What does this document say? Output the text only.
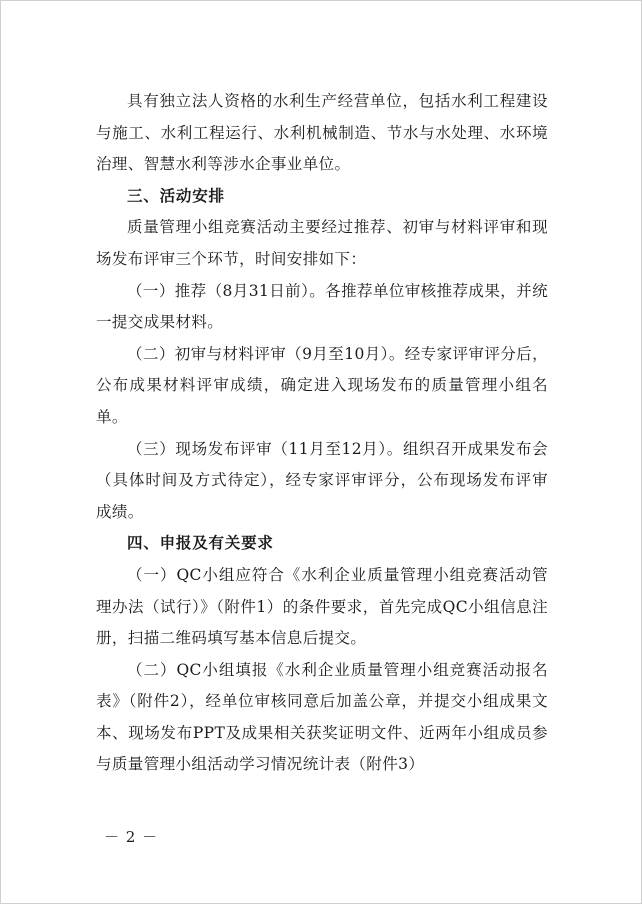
具有独立法人资格的水利生产经营单位，包括水利工程建设与施工、水利工程运行、水利机械制造、节水与水处理、水环境治理、智慧水利等涉水企事业单位。

三、活动安排

质量管理小组竞赛活动主要经过推荐、初审与材料评审和现场发布评审三个环节，时间安排如下：

（一）推荐（8月31日前）。各推荐单位审核推荐成果，并统一提交成果材料。

（二）初审与材料评审（9月至10月）。经专家评审评分后，公布成果材料评审成绩，确定进入现场发布的质量管理小组名单。

（三）现场发布评审（11月至12月）。组织召开成果发布会（具体时间及方式待定），经专家评审评分，公布现场发布评审成绩。

四、申报及有关要求

（一）QC小组应符合《水利企业质量管理小组竞赛活动管理办法（试行）》（附件1）的条件要求，首先完成QC小组信息注册，扫描二维码填写基本信息后提交。

（二）QC小组填报《水利企业质量管理小组竞赛活动报名表》（附件2），经单位审核同意后加盖公章，并提交小组成果文本、现场发布PPT及成果相关获奖证明文件、近两年小组成员参与质量管理小组活动学习情况统计表（附件3）

－ 2 －
